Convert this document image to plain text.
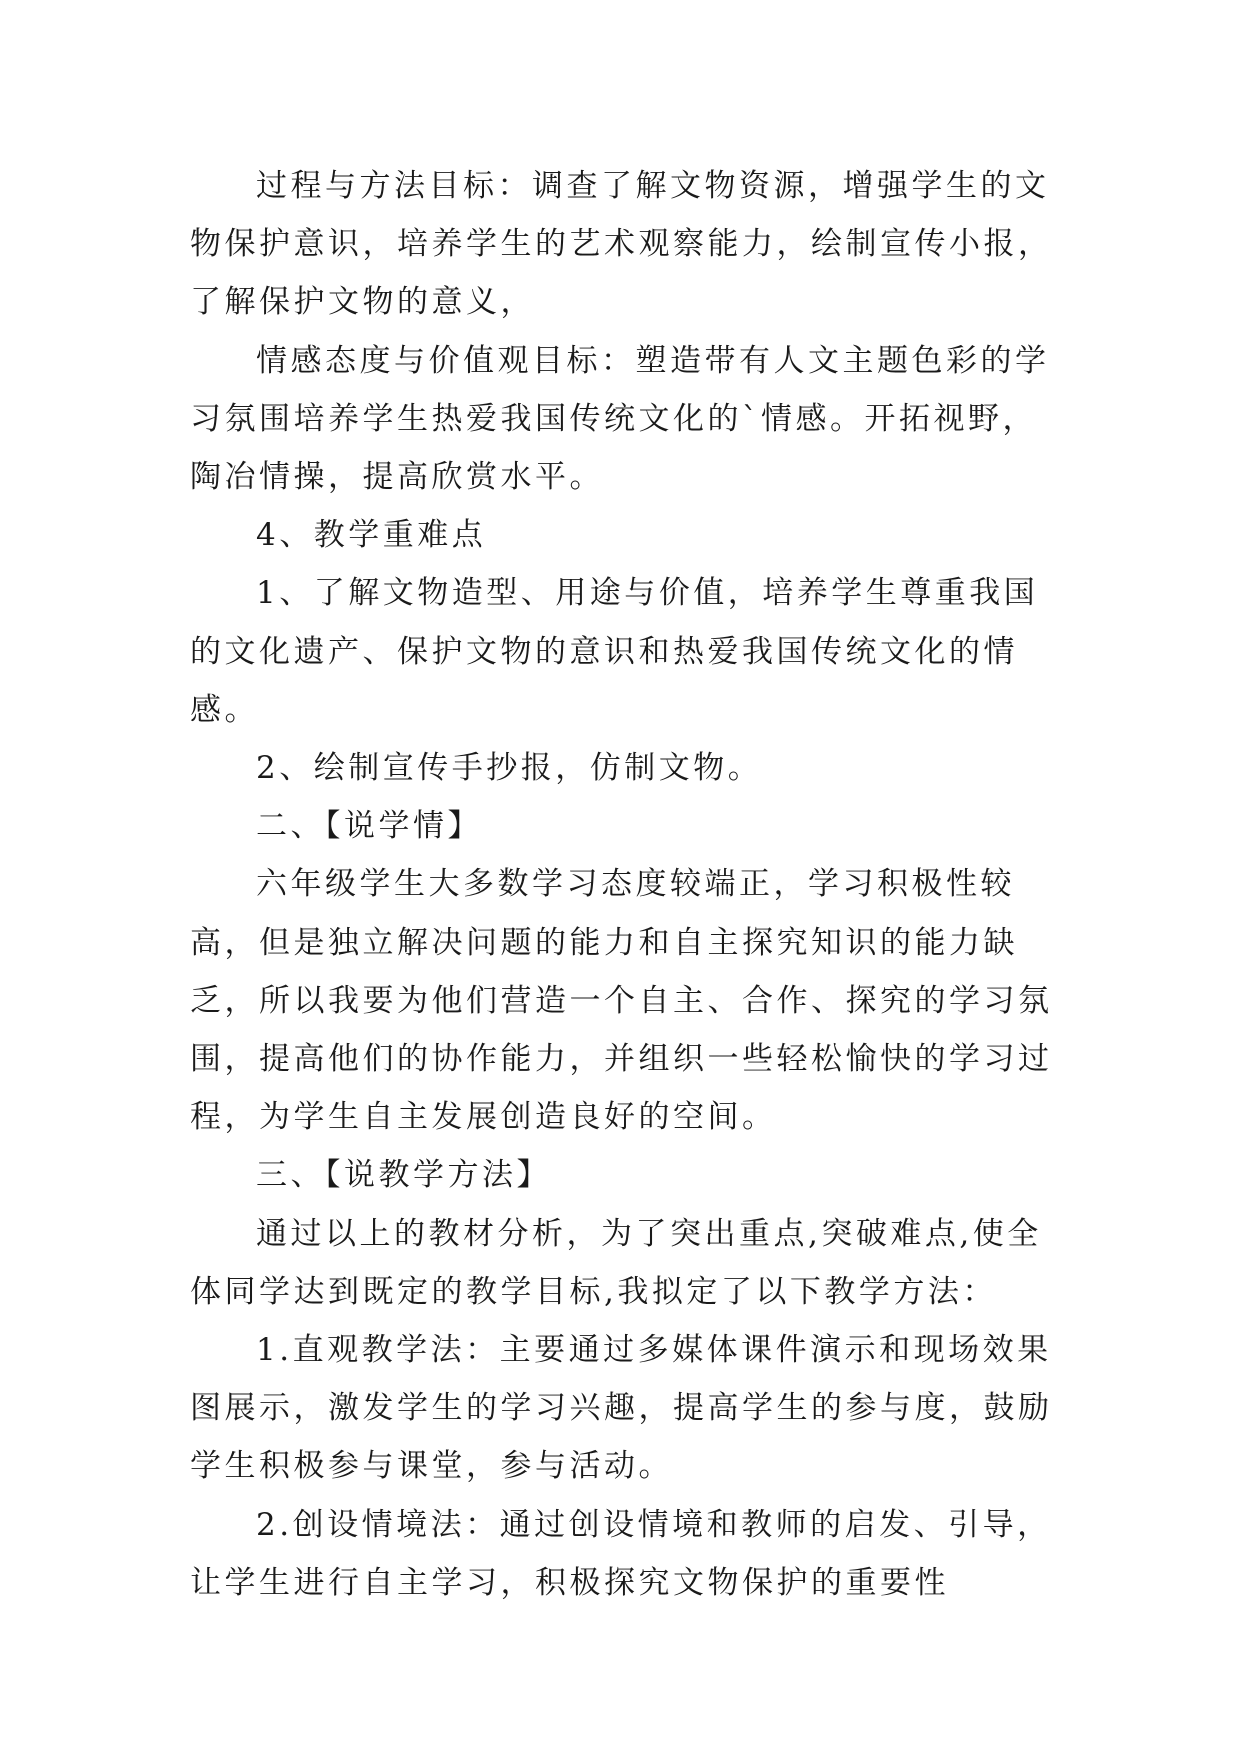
过程与方法目标：调查了解文物资源，增强学生的文物保护意识，培养学生的艺术观察能力，绘制宣传小报，了解保护文物的意义，

情感态度与价值观目标：塑造带有人文主题色彩的学习氛围培养学生热爱我国传统文化的`情感。开拓视野，陶冶情操，提高欣赏水平。

4、教学重难点

1、了解文物造型、用途与价值，培养学生尊重我国的文化遗产、保护文物的意识和热爱我国传统文化的情感。

2、绘制宣传手抄报，仿制文物。

二、【说学情】

六年级学生大多数学习态度较端正，学习积极性较高，但是独立解决问题的能力和自主探究知识的能力缺乏，所以我要为他们营造一个自主、合作、探究的学习氛围，提高他们的协作能力，并组织一些轻松愉快的学习过程，为学生自主发展创造良好的空间。

三、【说教学方法】

通过以上的教材分析，为了突出重点,突破难点,使全体同学达到既定的教学目标,我拟定了以下教学方法：

1.直观教学法：主要通过多媒体课件演示和现场效果图展示，激发学生的学习兴趣，提高学生的参与度，鼓励学生积极参与课堂，参与活动。

2.创设情境法：通过创设情境和教师的启发、引导，让学生进行自主学习，积极探究文物保护的重要性
